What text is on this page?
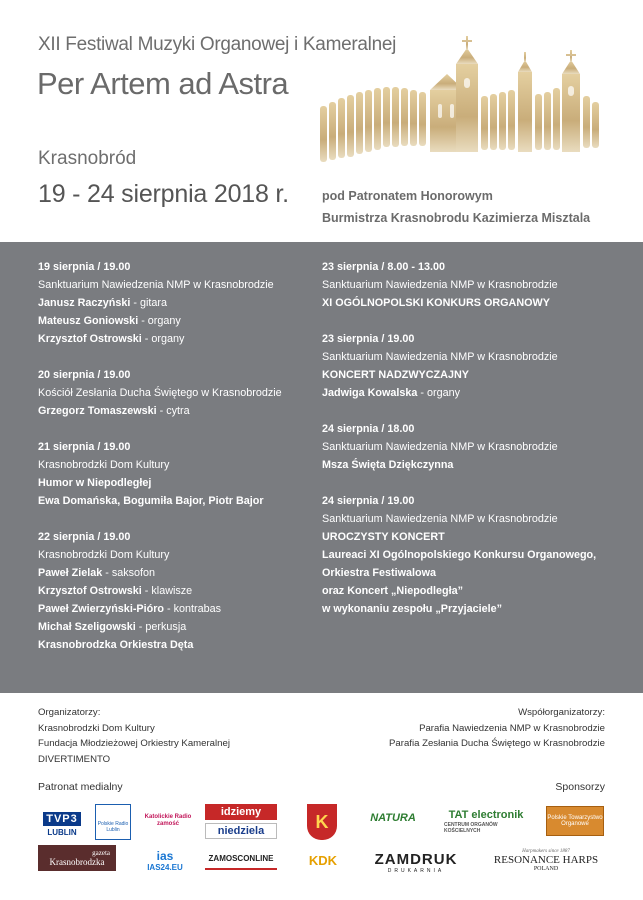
XII Festiwal Muzyki Organowej i Kameralnej
Per Artem ad Astra
Krasnobród
19 - 24 sierpnia 2018 r.	pod Patronatem Honorowym
Burmistrza Krasnobrodu Kazimierza Misztala
19 sierpnia / 19.00
Sanktuarium Nawiedzenia NMP w Krasnobrodzie
Janusz Raczyński - gitara
Mateusz Goniowski - organy
Krzysztof Ostrowski - organy
20 sierpnia / 19.00
Kościół Zesłania Ducha Świętego w Krasnobrodzie
Grzegorz Tomaszewski - cytra
21 sierpnia / 19.00
Krasnobrodzki Dom Kultury
Humor w Niepodległej
Ewa Domańska, Bogumiła Bajor, Piotr Bajor
22 sierpnia / 19.00
Krasnobrodzki Dom Kultury
Paweł Zielak - saksofon
Krzysztof Ostrowski - klawisze
Paweł Zwierzyński-Pióro - kontrabas
Michał Szeligowski - perkusja
Krasnobrodzka Orkiestra Dęta
23 sierpnia / 8.00 - 13.00
Sanktuarium Nawiedzenia NMP w Krasnobrodzie
XI OGÓLNOPOLSKI KONKURS ORGANOWY
23 sierpnia / 19.00
Sanktuarium Nawiedzenia NMP w Krasnobrodzie
KONCERT NADZWYCZAJNY
Jadwiga Kowalska - organy
24 sierpnia / 18.00
Sanktuarium Nawiedzenia NMP w Krasnobrodzie
Msza Święta Dziękczynna
24 sierpnia / 19.00
Sanktuarium Nawiedzenia NMP w Krasnobrodzie
UROCZYSTY KONCERT
Laureaci XI Ogólnopolskiego Konkursu Organowego,
Orkiestra Festiwalowa
oraz Koncert „Niepodległa”
w wykonaniu zespołu „Przyjaciele”
Organizatorzy:
Krasnobrodzki Dom Kultury
Fundacja Młodzieżowej Orkiestry Kameralnej
DIVERTIMENTO
Współorganizatorzy:
Parafia Nawiedzenia NMP w Krasnobrodzie
Parafia Zesłania Ducha Świętego w Krasnobrodzie
Patronat medialny	Sponsorzy
TVP3
LUBLIN
Polskie Radio Lublin
Katolickie Radio zamość
idziemy
niedziela
gazeta
Krasnobrodzka	ias
IAS24.EU
ZAMOSCONLINE
K
KDK
NATURA	TAT electronik
CENTRUM ORGANÓW KOŚCIELNYCH
Polskie Towarzystwo Organowe
ZAMDRUK
DRUKARNIA
Harpmakers since 1887
RESONANCE HARPS
POLAND
